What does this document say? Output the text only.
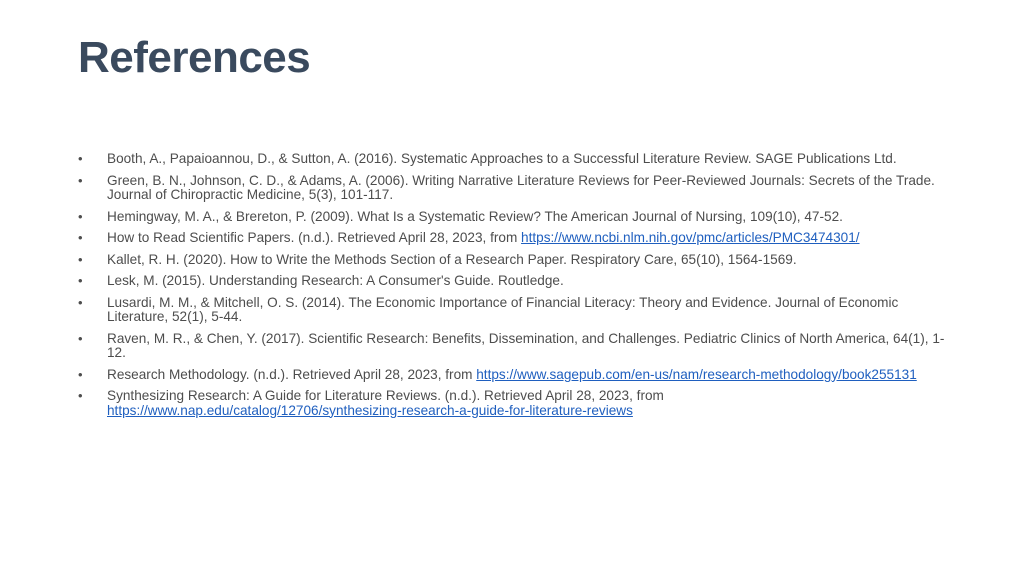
References
• Booth, A., Papaioannou, D., & Sutton, A. (2016). Systematic Approaches to a Successful Literature Review. SAGE Publications Ltd.
• Green, B. N., Johnson, C. D., & Adams, A. (2006). Writing Narrative Literature Reviews for Peer-Reviewed Journals: Secrets of the Trade. Journal of Chiropractic Medicine, 5(3), 101-117.
• Hemingway, M. A., & Brereton, P. (2009). What Is a Systematic Review? The American Journal of Nursing, 109(10), 47-52.
• How to Read Scientific Papers. (n.d.). Retrieved April 28, 2023, from https://www.ncbi.nlm.nih.gov/pmc/articles/PMC3474301/
• Kallet, R. H. (2020). How to Write the Methods Section of a Research Paper. Respiratory Care, 65(10), 1564-1569.
• Lesk, M. (2015). Understanding Research: A Consumer's Guide. Routledge.
• Lusardi, M. M., & Mitchell, O. S. (2014). The Economic Importance of Financial Literacy: Theory and Evidence. Journal of Economic Literature, 52(1), 5-44.
• Raven, M. R., & Chen, Y. (2017). Scientific Research: Benefits, Dissemination, and Challenges. Pediatric Clinics of North America, 64(1), 1-12.
• Research Methodology. (n.d.). Retrieved April 28, 2023, from https://www.sagepub.com/en-us/nam/research-methodology/book255131
• Synthesizing Research: A Guide for Literature Reviews. (n.d.). Retrieved April 28, 2023, from https://www.nap.edu/catalog/12706/synthesizing-research-a-guide-for-literature-reviews
